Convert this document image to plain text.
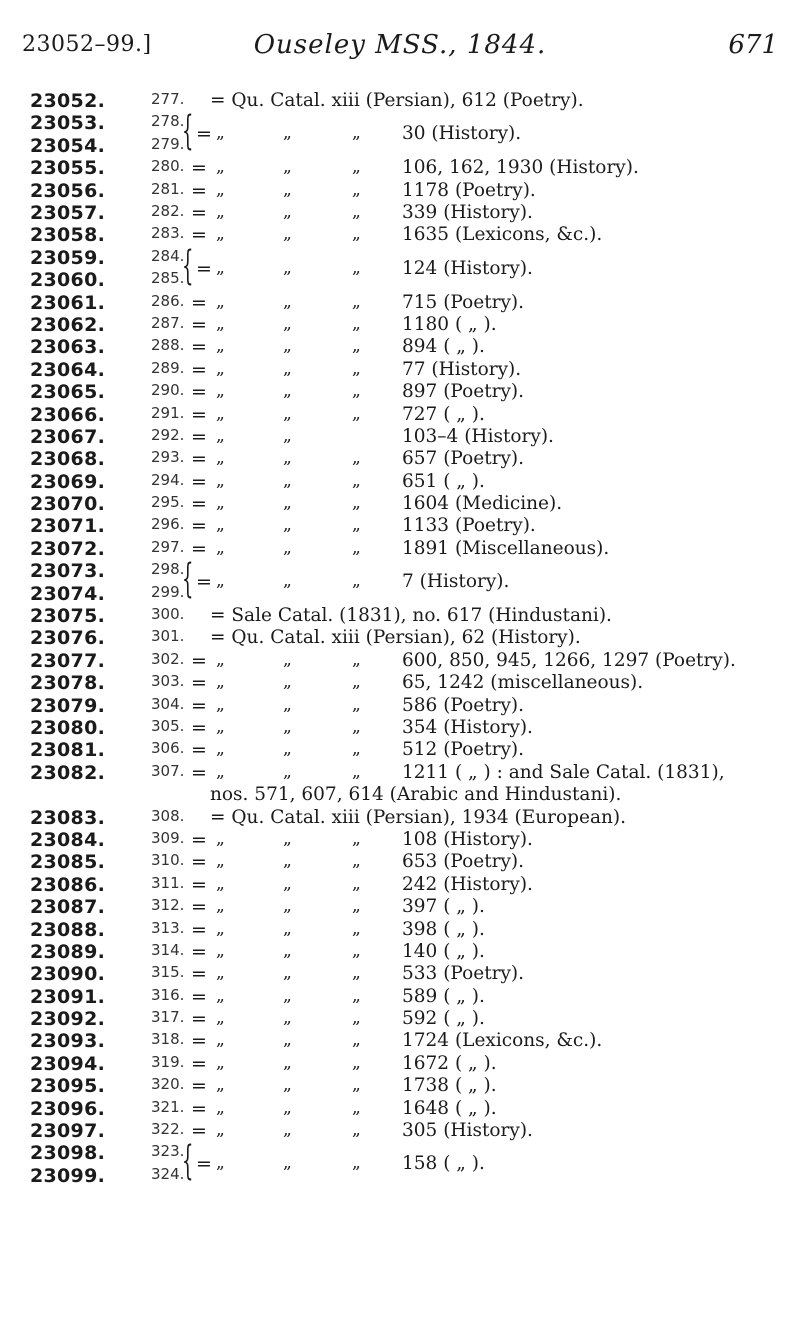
23052–99.]	Ouseley MSS., 1844.	671
23052.	277. = Qu. Catal. xiii (Persian), 612 (Poetry).
23053.	278.
23054.	279.
{ = „	„	„ 30 (History).
23055.	280. = „	„	„ 106, 162, 1930 (History).
23056.	281. = „	„	„ 1178 (Poetry).
23057.	282. = „	„	„ 339 (History).
23058.	283. = „	„	„ 1635 (Lexicons, &c.).
23059.	284.
23060.	285.
{ = „	„	„ 124 (History).
23061.	286. = „	„	„ 715 (Poetry).
23062.	287. = „	„	„ 1180 ( „ ).
23063.	288. = „	„	„ 894 ( „ ).
23064.	289. = „	„	„ 77 (History).
23065.	290. = „	„	„ 897 (Poetry).
23066.	291. = „	„	„ 727 ( „ ).
23067.	292. = „	„	103–4 (History).
23068.	293. = „	„	„ 657 (Poetry).
23069.	294. = „	„	„ 651 ( „ ).
23070.	295. = „	„	„ 1604 (Medicine).
23071.	296. = „	„	„ 1133 (Poetry).
23072.	297. = „	„	„ 1891 (Miscellaneous).
23073.	298.
23074.	299.
{ = „	„	„ 7 (History).
23075.	300. = Sale Catal. (1831), no. 617 (Hindustani).
23076.	301. = Qu. Catal. xiii (Persian), 62 (History).
23077.	302. = „	„	„ 600, 850, 945, 1266, 1297 (Poetry).
23078.	303. = „	„	„ 65, 1242 (miscellaneous).
23079.	304. = „	„	„ 586 (Poetry).
23080.	305. = „	„	„ 354 (History).
23081.	306. = „	„	„ 512 (Poetry).
23082.	307. = „	„	„ 1211 ( „ ) : and Sale Catal. (1831),
nos. 571, 607, 614 (Arabic and Hindustani).
23083.	308. = Qu. Catal. xiii (Persian), 1934 (European).
23084.	309. = „	„	„ 108 (History).
23085.	310. = „	„	„ 653 (Poetry).
23086.	311. = „	„	„ 242 (History).
23087.	312. = „	„	„ 397 ( „ ).
23088.	313. = „	„	„ 398 ( „ ).
23089.	314. = „	„	„ 140 ( „ ).
23090.	315. = „	„	„ 533 (Poetry).
23091.	316. = „	„	„ 589 ( „ ).
23092.	317. = „	„	„ 592 ( „ ).
23093.	318. = „	„	„ 1724 (Lexicons, &c.).
23094.	319. = „	„	„ 1672 ( „ ).
23095.	320. = „	„	„ 1738 ( „ ).
23096.	321. = „	„	„ 1648 ( „ ).
23097.	322. = „	„	„ 305 (History).
23098.	323.
23099.	324.
{ = „	„	„ 158 ( „ ).
